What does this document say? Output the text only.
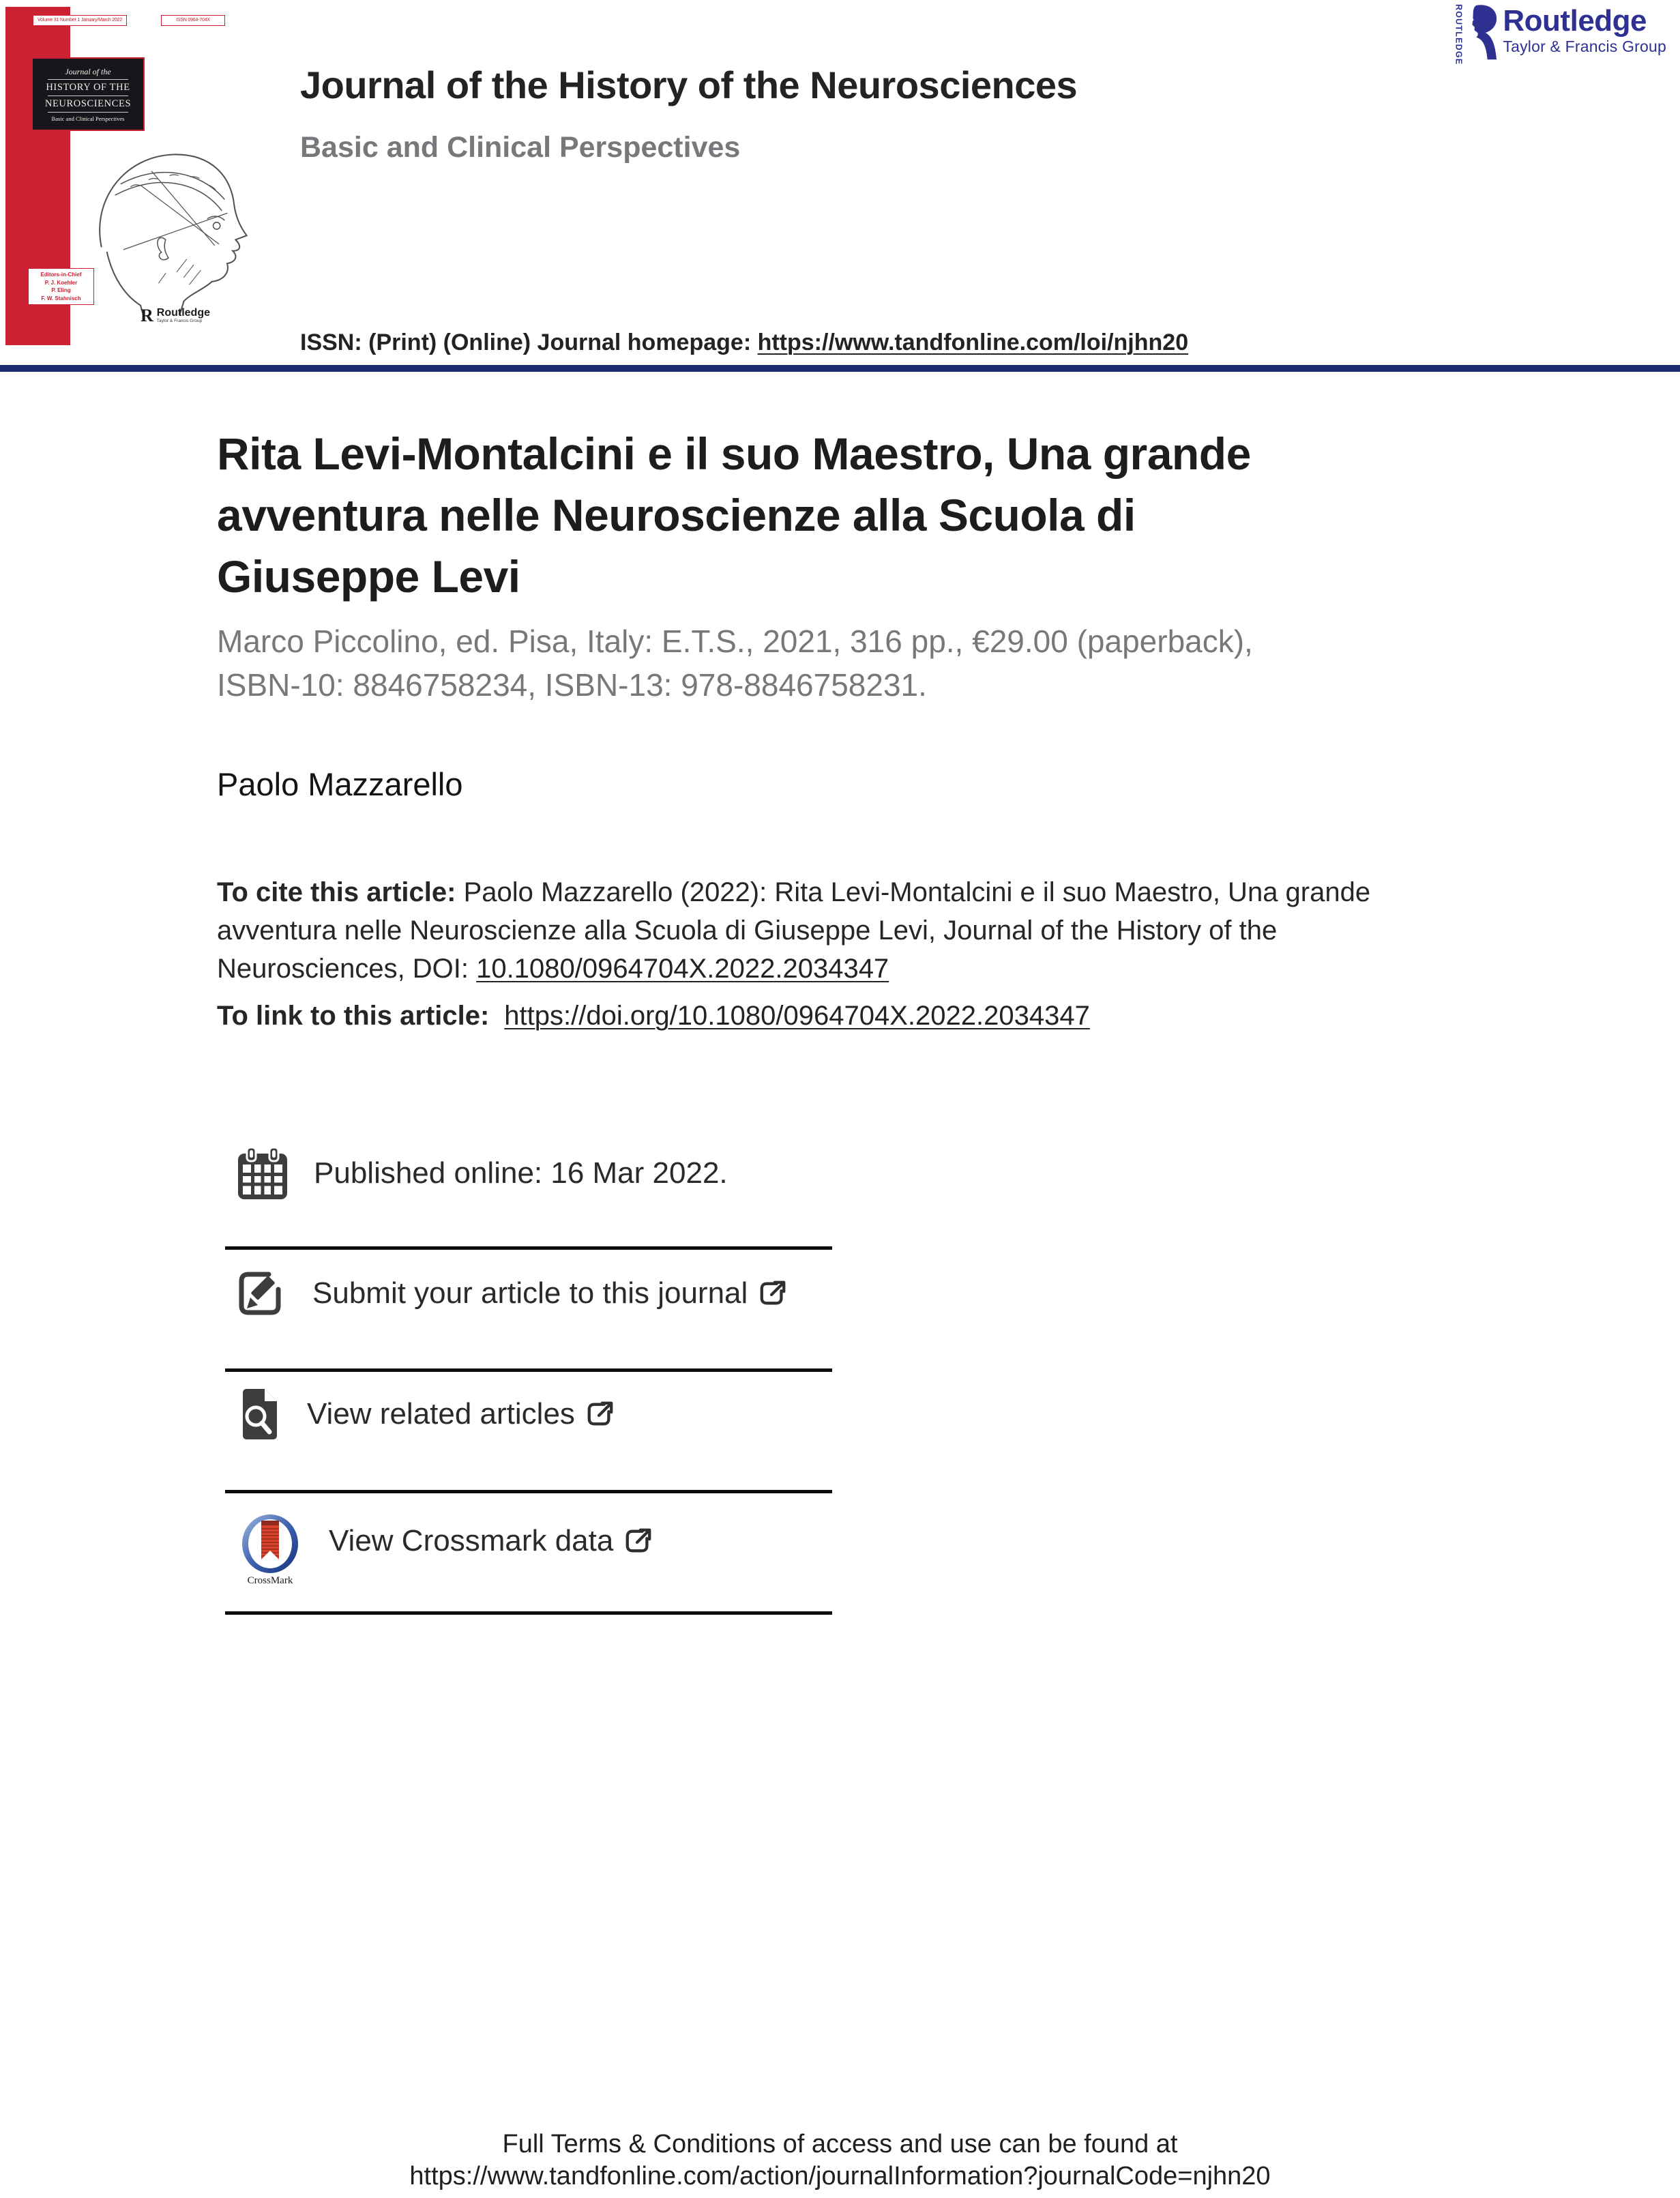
Volume 31 Number 1 January/March 2022	ISSN 0964-704X
Journal of the
HISTORY OF THE
NEUROSCIENCES
Basic and Clinical Perspectives
Editors-in-Chief
P. J. Koehler
P. Eling
F. W. Stahnisch
R Routledge
Taylor & Francis Group
ROUTLEDGE Routledge
Taylor & Francis Group
Journal of the History of the Neurosciences
Basic and Clinical Perspectives
ISSN: (Print) (Online) Journal homepage: https://www.tandfonline.com/loi/njhn20
Rita Levi-Montalcini e il suo Maestro, Una grande
avventura nelle Neuroscienze alla Scuola di
Giuseppe Levi
Marco Piccolino, ed. Pisa, Italy: E.T.S., 2021, 316 pp., €29.00 (paperback),
ISBN-10: 8846758234, ISBN-13: 978-8846758231.
Paolo Mazzarello
To cite this article: Paolo Mazzarello (2022): Rita Levi-Montalcini e il suo Maestro, Una grande
avventura nelle Neuroscienze alla Scuola di Giuseppe Levi, Journal of the History of the
Neurosciences, DOI: 10.1080/0964704X.2022.2034347
To link to this article: https://doi.org/10.1080/0964704X.2022.2034347
Published online: 16 Mar 2022.
Submit your article to this journal
View related articles
CrossMark
View Crossmark data
Full Terms & Conditions of access and use can be found at
https://www.tandfonline.com/action/journalInformation?journalCode=njhn20
